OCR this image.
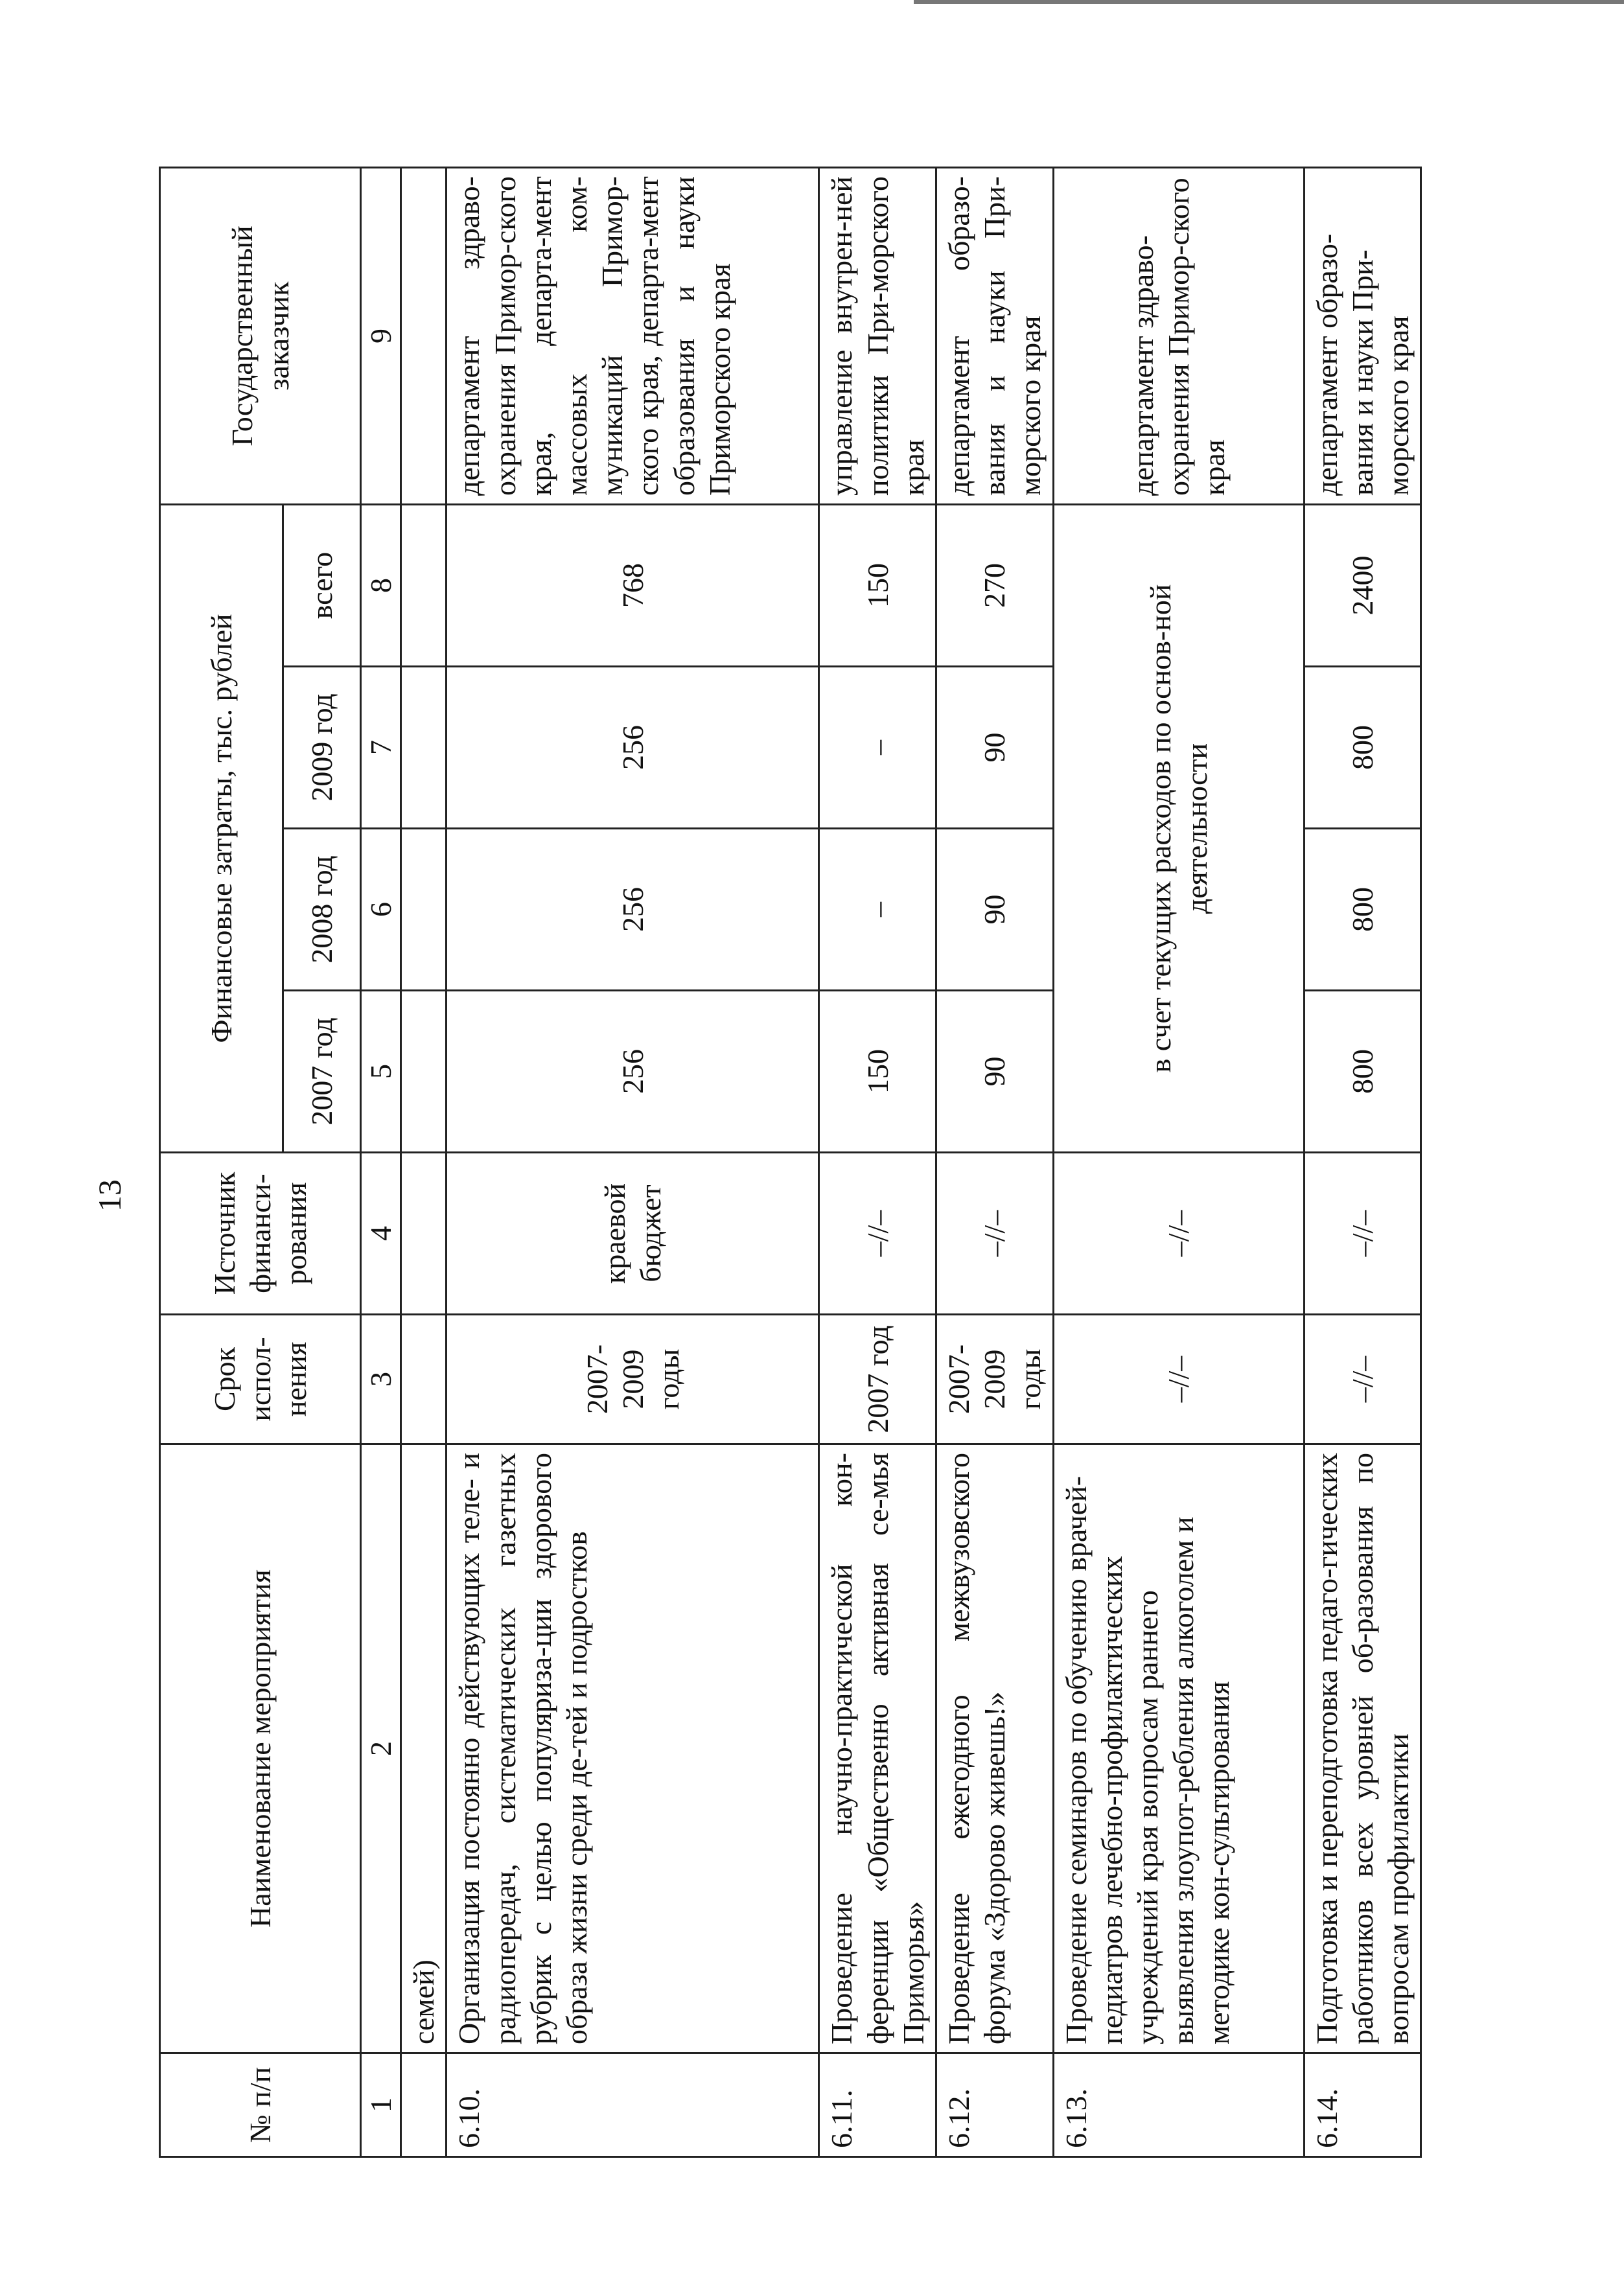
13
№ п/п	Наименование мероприятия	Срок испол-нения	Источник финанси-рования	Финансовые затраты, тыс. рублей				Государственный заказчик
				2007 год	2008 год	2009 год	всего	
1	2	3	4	5	6	7	8	9
	семей)							
6.10.	Организация постоянно действующих теле- и радиопередач, систематических газетных рубрик с целью популяриза-ции здорового образа жизни среди де-тей и подростков	2007-2009 годы	краевой бюджет	256	256	256	768	департамент здраво-охранения Примор-ского края, департа-мент массовых ком-муникаций Примор-ского края, департа-мент образования и науки Приморского края
6.11.	Проведение научно-практической кон-ференции «Общественно активная се-мья Приморья»	2007 год	–//–	150	–	–	150	управление внутрен-ней политики При-морского края
6.12.	Проведение ежегодного межвузовского форума «Здорово живешь!»	2007-2009 годы	–//–	90	90	90	270	департамент образо-вания и науки При-морского края
6.13.	Проведение семинаров по обучению врачей-педиатров лечебно-профилактических учреждений края вопросам раннего выявления злоупот-ребления алкоголем и методике кон-сультирования	–//–	–//–	в счет текущих расходов по основ-ной деятельности				департамент здраво-охранения Примор-ского края
6.14.	Подготовка и переподготовка педаго-гических работников всех уровней об-разования по вопросам профилактики	–//–	–//–	800	800	800	2400	департамент образо-вания и науки При-морского края
